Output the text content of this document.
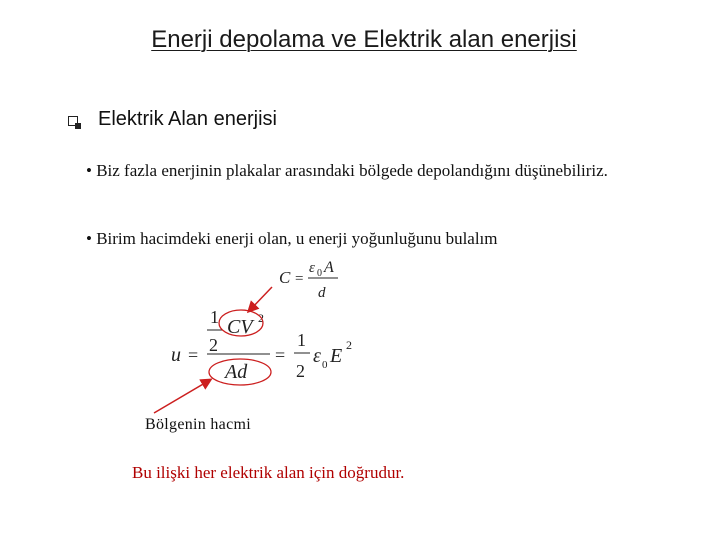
Enerji depolama ve Elektrik alan enerjisi
Elektrik Alan enerjisi
• Biz fazla enerjinin plakalar arasındaki bölgede depolandığını düşünebiliriz.
• Birim hacimdeki enerji olan, u enerji yoğunluğunu bulalım
C =
ε 0 A
d
u =
1
2
CV 2
Ad
=
1
2
ε 0 E 2
Bölgenin hacmi
Bu ilişki her elektrik alan için doğrudur.
